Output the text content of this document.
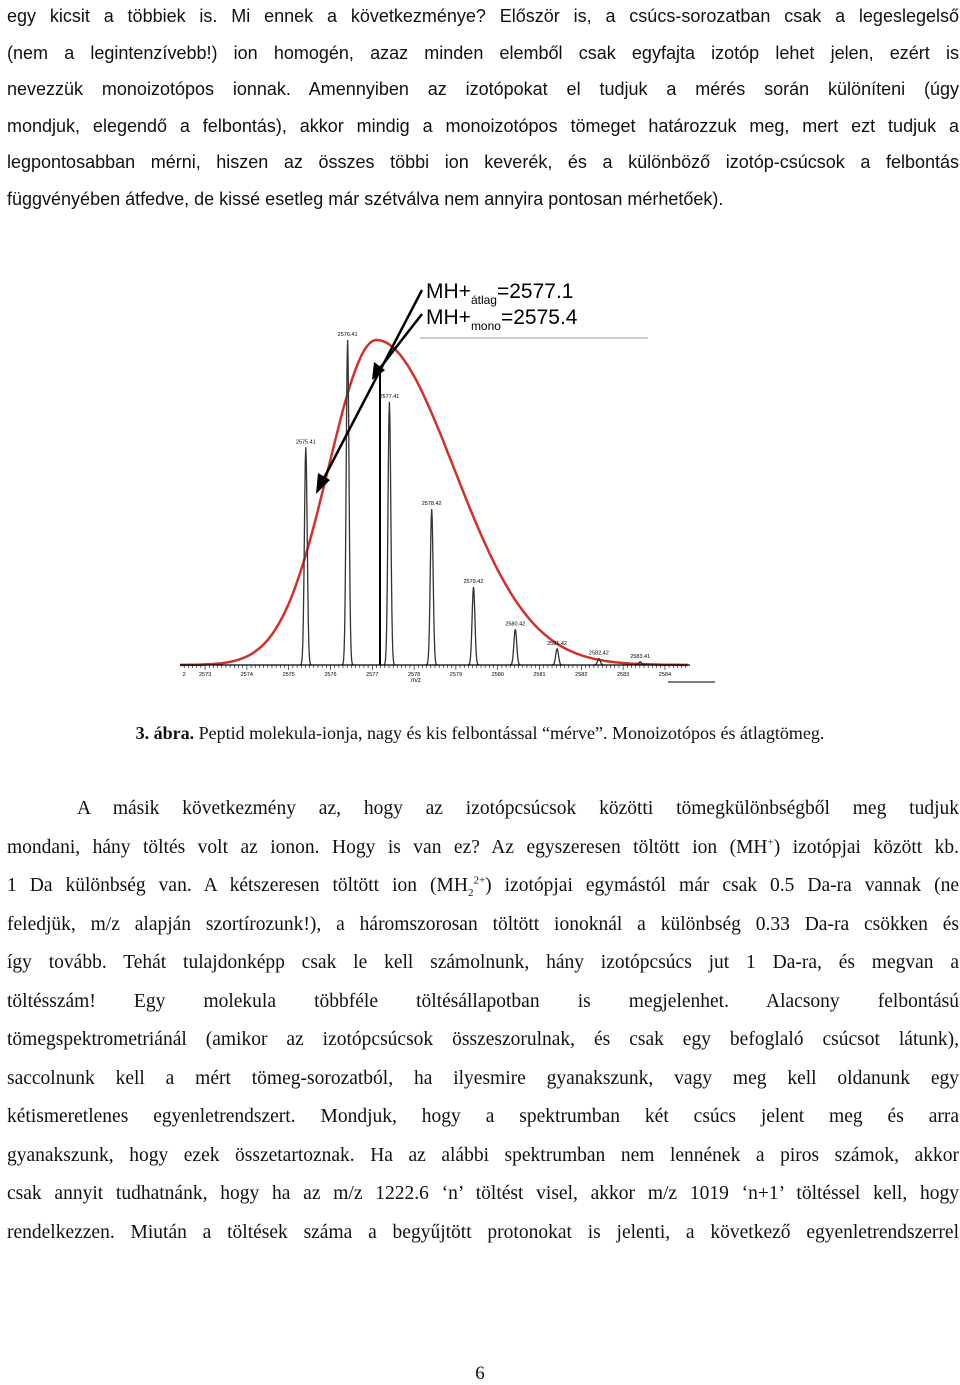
egy kicsit a többiek is. Mi ennek a következménye? Először is, a csúcs-sorozatban csak a legeslegelső
(nem a legintenzívebb!) ion homogén, azaz minden elemből csak egyfajta izotóp lehet jelen, ezért is
nevezzük monoizotópos ionnak. Amennyiben az izotópokat el tudjuk a mérés során különíteni (úgy
mondjuk, elegendő a felbontás), akkor mindig a monoizotópos tömeget határozzuk meg, mert ezt tudjuk a
legpontosabban mérni, hiszen az összes többi ion keverék, és a különböző izotóp-csúcsok a felbontás
függvényében átfedve, de kissé esetleg már szétválva nem annyira pontosan mérhetőek).
$MH+_{átlag}=2577.1$
$MH+_{mono}=2575.4$
2575.41
2576.41
2577.41
2578.42
2579.42
2580.42
2581.42
2582.42
2583.41
2 2573	2574	2575	2576	2577	2578	2579	2580	2581	2582	2583	2584
m/z
3. ábra. Peptid molekula-ionja, nagy és kis felbontással “mérve”. Monoizotópos és átlagtömeg.
A másik következmény az, hogy az izotópcsúcsok közötti tömegkülönbségből meg tudjuk
mondani, hány töltés volt az ionon. Hogy is van ez? Az egyszeresen töltött ion (MH+) izotópjai között kb.
1 Da különbség van. A kétszeresen töltött ion $(MH_2^{2+})$ izotópjai egymástól már csak 0.5 Da-ra vannak (ne
feledjük, m/z alapján szortírozunk!), a háromszorosan töltött ionoknál a különbség 0.33 Da-ra csökken és
így tovább. Tehát tulajdonképp csak le kell számolnunk, hány izotópcsúcs jut 1 Da-ra, és megvan a
töltésszám! Egy molekula többféle töltésállapotban is megjelenhet. Alacsony felbontású
tömegspektrometriánál (amikor az izotópcsúcsok összeszorulnak, és csak egy befoglaló csúcsot látunk),
saccolnunk kell a mért tömeg-sorozatból, ha ilyesmire gyanakszunk, vagy meg kell oldanunk egy
kétismeretlenes egyenletrendszert. Mondjuk, hogy a spektrumban két csúcs jelent meg és arra
gyanakszunk, hogy ezek összetartoznak. Ha az alábbi spektrumban nem lennének a piros számok, akkor
csak annyit tudhatnánk, hogy ha az m/z 1222.6 ‘n’ töltést visel, akkor m/z 1019 ‘n+1’ töltéssel kell, hogy
rendelkezzen. Miután a töltések száma a begyűjtött protonokat is jelenti, a következő egyenletrendszerrel
6
